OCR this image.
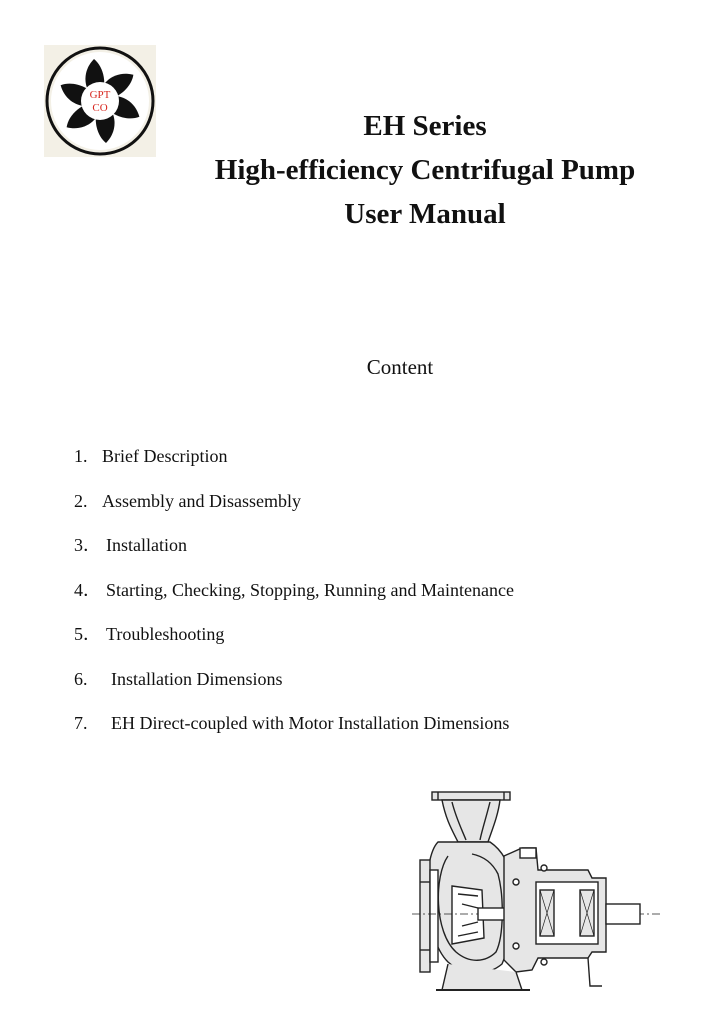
GPT
CO
EH Series
High-efficiency Centrifugal Pump
User Manual
Content
1. Brief Description
2. Assembly and Disassembly
3． Installation
4． Starting, Checking, Stopping, Running and Maintenance
5． Troubleshooting
6. Installation Dimensions
7. EH Direct-coupled with Motor Installation Dimensions
